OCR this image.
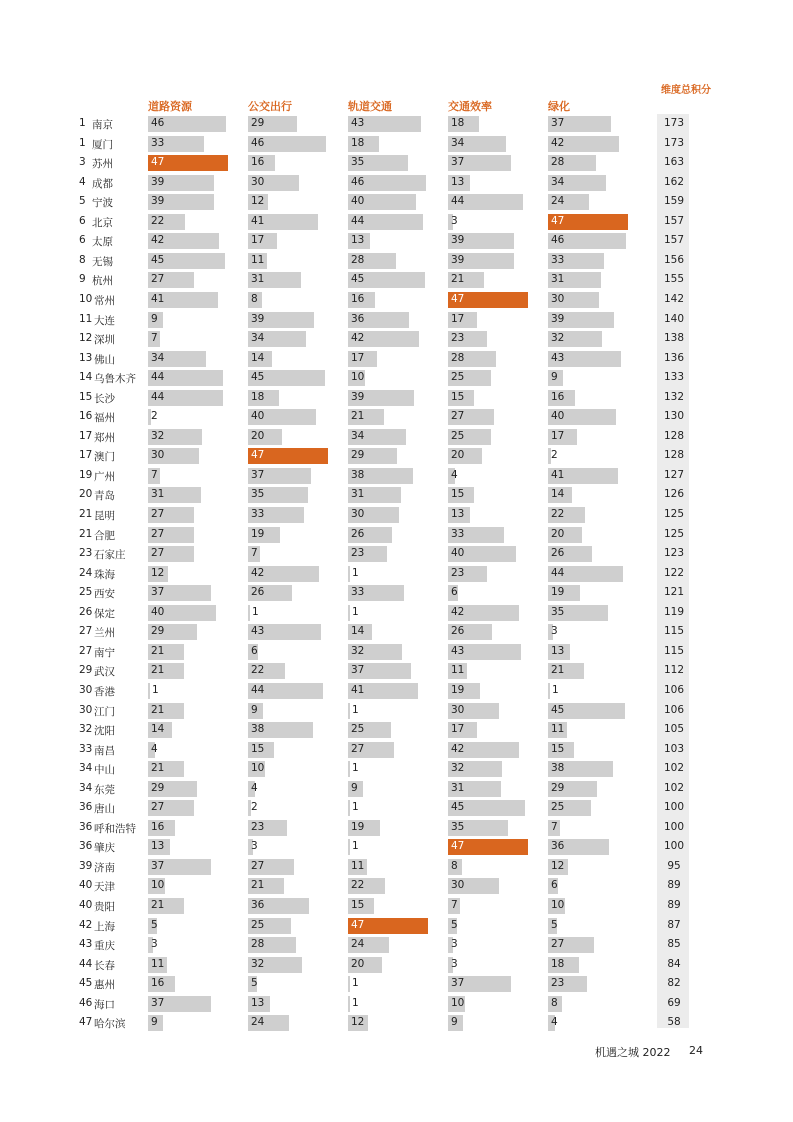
道路资源	公交出行	轨道交通	交通效率	绿化
维度总积分
1 南京	46	29	43	18	37	173
1 厦门	33	46	18	34	42	173
3 苏州	47	16	35	37	28	163
4 成都	39	30	46	13	34	162
5 宁波	39	12	40	44	24	159
6 北京	22	41	44	3	47	157
6 太原	42	17	13	39	46	157
8 无锡	45	11	28	39	33	156
9 杭州	27	31	45	21	31	155
10 常州	41	8	16	47	30	142
11 大连	9	39	36	17	39	140
12 深圳	7	34	42	23	32	138
13 佛山	34	14	17	28	43	136
14 乌鲁木齐 44	45	10	25	9	133
15 长沙	44	18	39	15	16	132
16 福州	2	40	21	27	40	130
17 郑州	32	20	34	25	17	128
17 澳门	30	47	29	20	2	128
19 广州	7	37	38	4	41	127
20 青岛	31	35	31	15	14	126
21 昆明	27	33	30	13	22	125
21 合肥	27	19	26	33	20	125
23 石家庄 27	7	23	40	26	123
24 珠海	12	42	1	23	44	122
25 西安	37	26	33	6	19	121
26 保定	40	1	1	42	35	119
27 兰州	29	43	14	26	3	115
27 南宁	21	6	32	43	13	115
29 武汉	21	22	37	11	21	112
30 香港	1	44	41	19	1	106
30 江门	21	9	1	30	45	106
32 沈阳	14	38	25	17	11	105
33 南昌	4	15	27	42	15	103
34 中山	21	10	1	32	38	102
34 东莞	29	4	9	31	29	102
36 唐山	27	2	1	45	25	100
36 呼和浩特 16	23	19	35	7	100
36 肇庆	13	3	1	47	36	100
39 济南	37	27	11	8	12	95
40 天津	10	21	22	30	6	89
40 贵阳	21	36	15	7	10	89
42 上海	5	25	47	5	5	87
43 重庆	3	28	24	3	27	85
44 长春	11	32	20	3	18	84
45 惠州	16	5	1	37	23	82
46 海口	37	13	1	10	8	69
47 哈尔滨 9	24	12	9	4	58
机遇之城 2022 24
